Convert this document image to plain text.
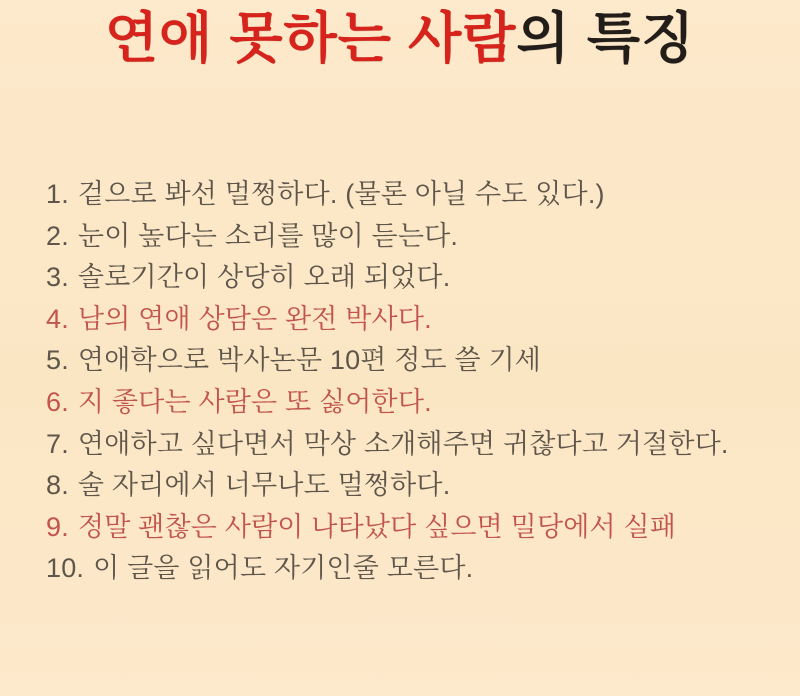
연애 못하는 사람의 특징
1. 겉으로 봐선 멀쩡하다. (물론 아닐 수도 있다.)
2. 눈이 높다는 소리를 많이 듣는다.
3. 솔로기간이 상당히 오래 되었다.
4. 남의 연애 상담은 완전 박사다.
5. 연애학으로 박사논문 10편 정도 쓸 기세
6. 지 좋다는 사람은 또 싫어한다.
7. 연애하고 싶다면서 막상 소개해주면 귀찮다고 거절한다.
8. 술 자리에서 너무나도 멀쩡하다.
9. 정말 괜찮은 사람이 나타났다 싶으면 밀당에서 실패
10. 이 글을 읽어도 자기인줄 모른다.
